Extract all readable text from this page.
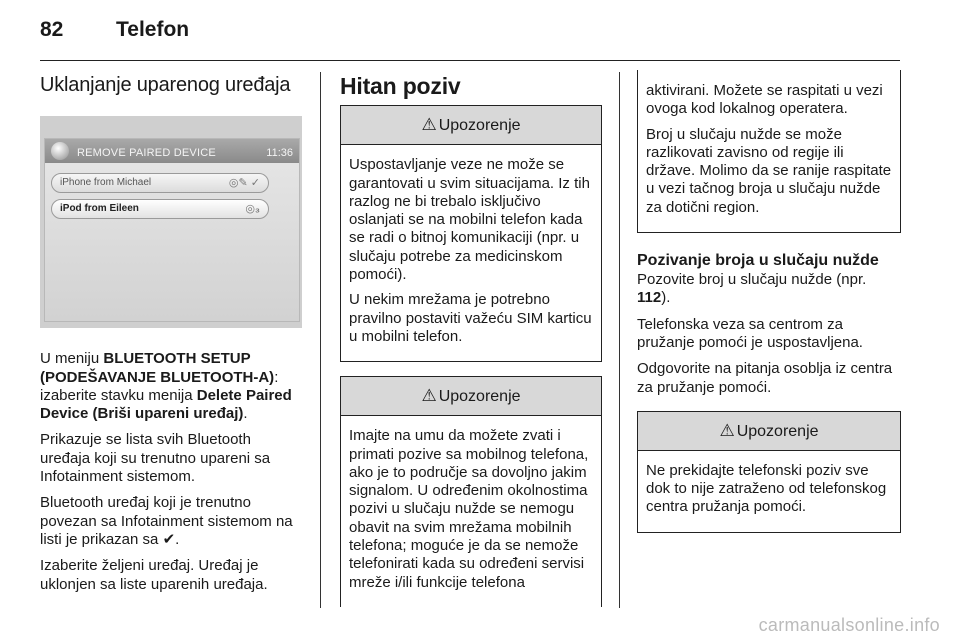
82	Telefon
Uklanjanje uparenog uređaja
REMOVE PAIRED DEVICE	11:36
iPhone from Michael	◎✎ ✓
iPod from Eileen	◎₃

U meniju BLUETOOTH SETUP (PODEŠAVANJE BLUETOOTH-A): izaberite stavku menija Delete Paired Device (Briši upareni uređaj).

Prikazuje se lista svih Bluetooth uređaja koji su trenutno upareni sa Infotainment sistemom.

Bluetooth uređaj koji je trenutno povezan sa Infotainment sistemom na listi je prikazan sa ✔.

Izaberite željeni uređaj. Uređaj je uklonjen sa liste uparenih uređaja.

Hitan poziv
⚠ Upozorenje

Uspostavljanje veze ne može se garantovati u svim situacijama. Iz tih razlog ne bi trebalo isključivo oslanjati se na mobilni telefon kada se radi o bitnoj komunikaciji (npr. u slučaju potrebe za medicinskom pomoći).

U nekim mrežama je potrebno pravilno postaviti važeću SIM karticu u mobilni telefon.

⚠ Upozorenje

Imajte na umu da možete zvati i primati pozive sa mobilnog telefona, ako je to područje sa dovoljno jakim signalom. U određenim okolnostima pozivi u slučaju nužde se nemogu obavit na svim mrežama mobilnih telefona; moguće je da se nemože telefonirati kada su određeni servisi mreže i/ili funkcije telefona

aktivirani. Možete se raspitati u vezi ovoga kod lokalnog operatera.

Broj u slučaju nužde se može razlikovati zavisno od regije ili države. Molimo da se ranije raspitate u vezi tačnog broja u slučaju nužde za dotični region.

Pozivanje broja u slučaju nužde

Pozovite broj u slučaju nužde (npr. 112).

Telefonska veza sa centrom za pružanje pomoći je uspostavljena.

Odgovorite na pitanja osoblja iz centra za pružanje pomoći.

⚠ Upozorenje

Ne prekidajte telefonski poziv sve dok to nije zatraženo od telefonskog centra pružanja pomoći.

carmanualsonline.info
